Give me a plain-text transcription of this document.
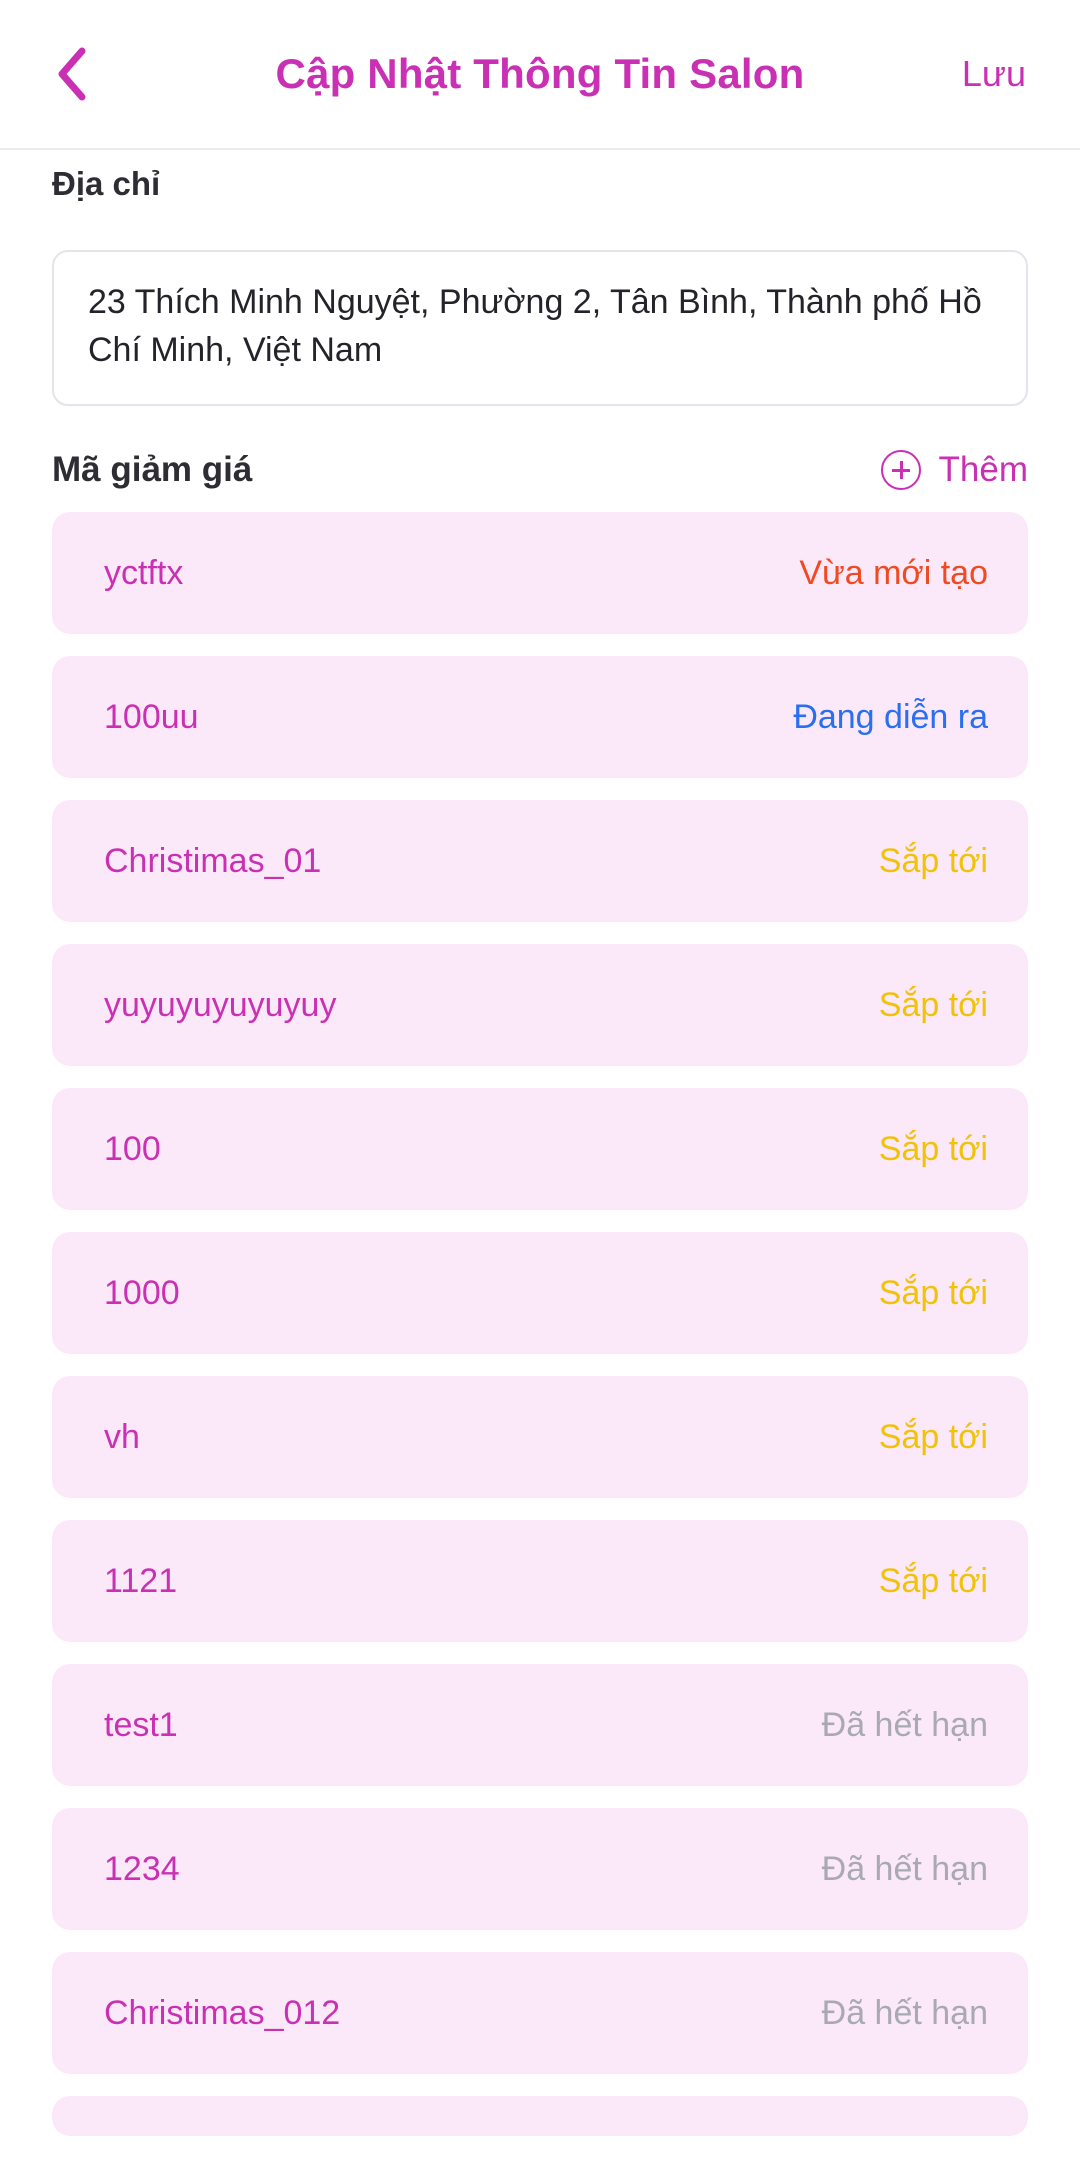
Cập Nhật Thông Tin Salon	Lưu
Địa chỉ
23 Thích Minh Nguyệt, Phường 2, Tân Bình, Thành phố Hồ Chí Minh, Việt Nam
Mã giảm giá	Thêm
yctftx	Vừa mới tạo
100uu	Đang diễn ra
Christimas_01	Sắp tới
yuyuyuyuyuyuy	Sắp tới
100	Sắp tới
1000	Sắp tới
vh	Sắp tới
1121	Sắp tới
test1	Đã hết hạn
1234	Đã hết hạn
Christimas_012	Đã hết hạn
